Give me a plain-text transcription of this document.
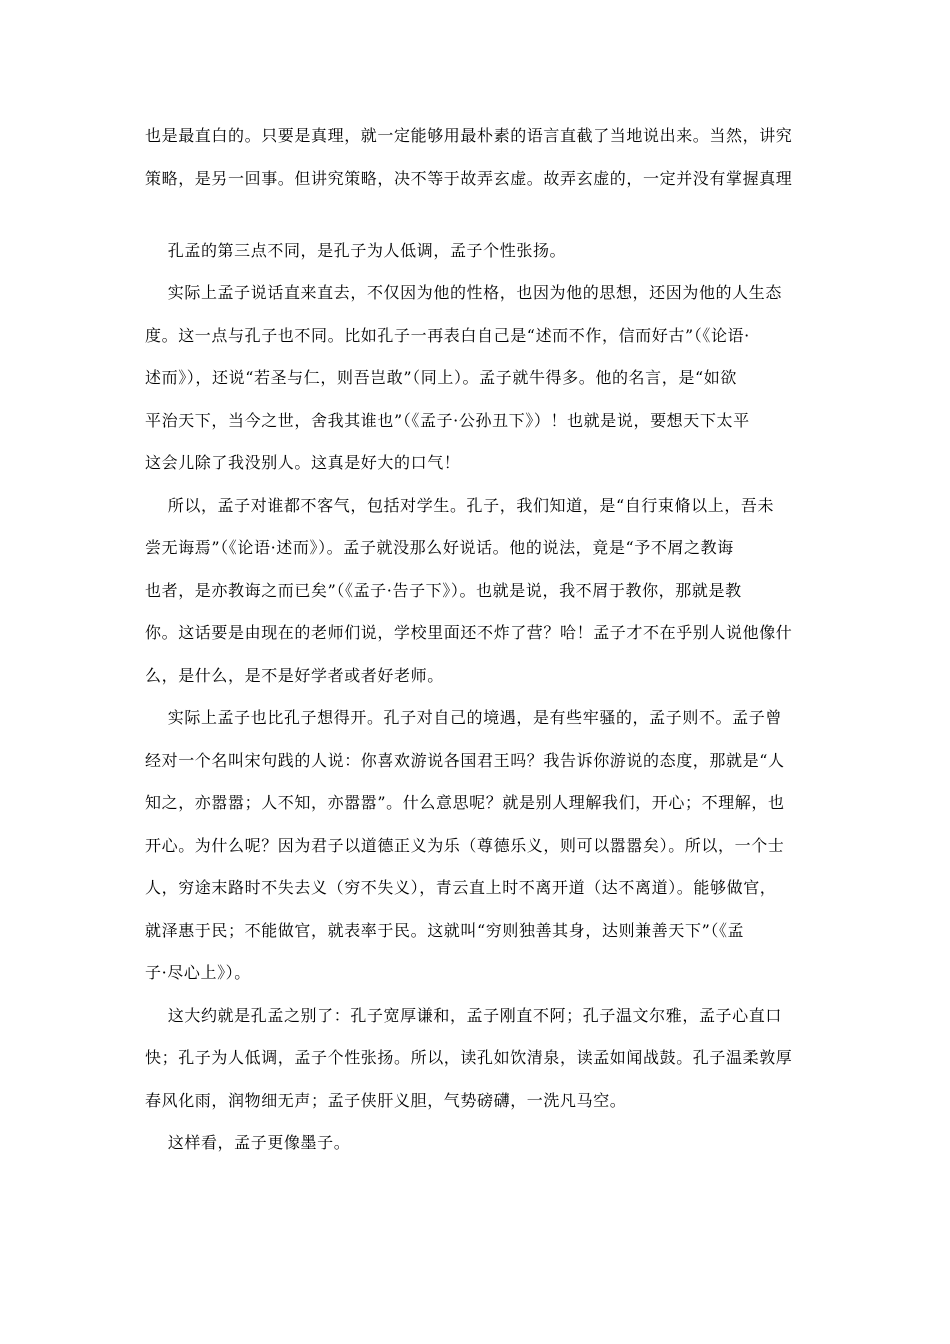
也是最直白的。只要是真理，就一定能够用最朴素的语言直截了当地说出来。当然，讲究
策略，是另一回事。但讲究策略，决不等于故弄玄虚。故弄玄虚的，一定并没有掌握真理
孔孟的第三点不同，是孔子为人低调，孟子个性张扬。
实际上孟子说话直来直去，不仅因为他的性格，也因为他的思想，还因为他的人生态
度。这一点与孔子也不同。比如孔子一再表白自己是“述而不作，信而好古”（《论语·
述而》），还说“若圣与仁，则吾岂敢”（同上）。孟子就牛得多。他的名言，是“如欲
平治天下，当今之世，舍我其谁也”（《孟子·公孙丑下》）！也就是说，要想天下太平
这会儿除了我没别人。这真是好大的口气！
所以，孟子对谁都不客气，包括对学生。孔子，我们知道，是“自行束脩以上，吾未
尝无诲焉”（《论语·述而》）。孟子就没那么好说话。他的说法，竟是“予不屑之教诲
也者，是亦教诲之而已矣”（《孟子·告子下》）。也就是说，我不屑于教你，那就是教
你。这话要是由现在的老师们说，学校里面还不炸了营？哈！孟子才不在乎别人说他像什
么，是什么，是不是好学者或者好老师。
实际上孟子也比孔子想得开。孔子对自己的境遇，是有些牢骚的，孟子则不。孟子曾
经对一个名叫宋句践的人说：你喜欢游说各国君王吗？我告诉你游说的态度，那就是“人
知之，亦嚣嚣；人不知，亦嚣嚣”。什么意思呢？就是别人理解我们，开心；不理解，也
开心。为什么呢？因为君子以道德正义为乐（尊德乐义，则可以嚣嚣矣）。所以，一个士
人，穷途末路时不失去义（穷不失义），青云直上时不离开道（达不离道）。能够做官，
就泽惠于民；不能做官，就表率于民。这就叫“穷则独善其身，达则兼善天下”（《孟
子·尽心上》）。
这大约就是孔孟之别了：孔子宽厚谦和，孟子刚直不阿；孔子温文尔雅，孟子心直口
快；孔子为人低调，孟子个性张扬。所以，读孔如饮清泉，读孟如闻战鼓。孔子温柔敦厚
春风化雨，润物细无声；孟子侠肝义胆，气势磅礴，一洗凡马空。
这样看，孟子更像墨子。
